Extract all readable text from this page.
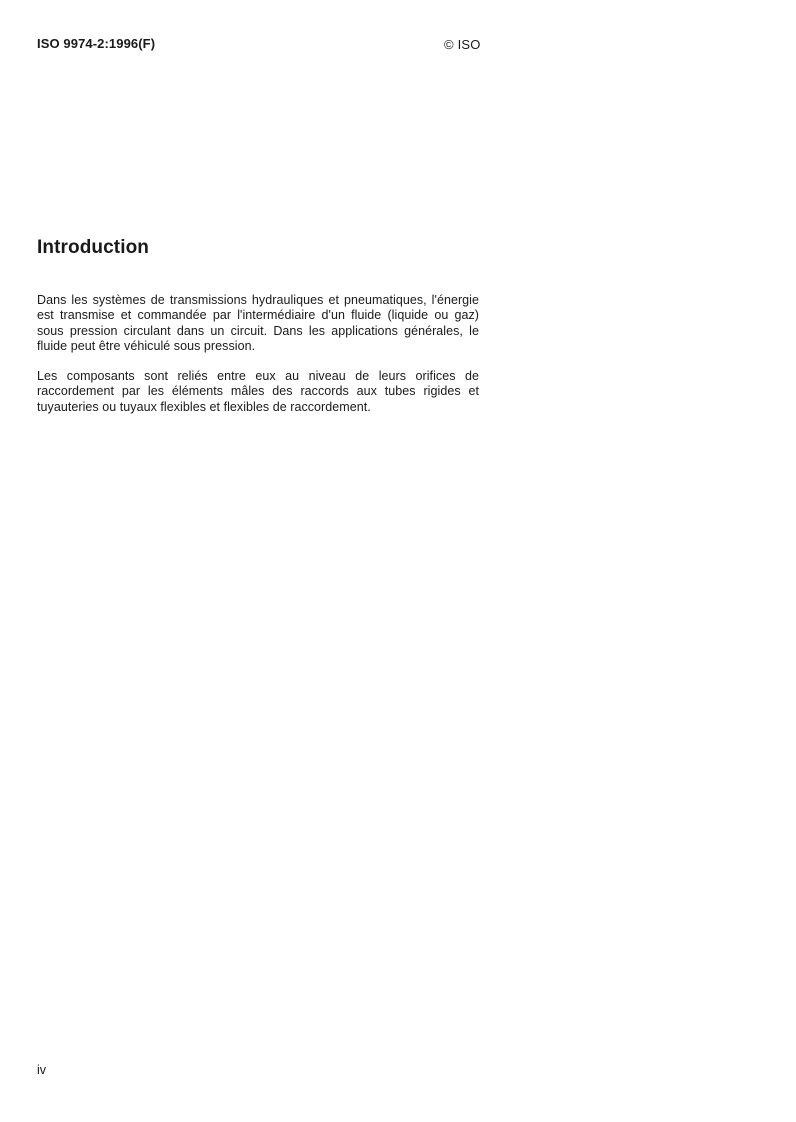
ISO 9974-2:1996(F)	© ISO
Introduction

Dans les systèmes de transmissions hydrauliques et pneumatiques, l'énergie est transmise et commandée par l'intermédiaire d'un fluide (liquide ou gaz) sous pression circulant dans un circuit. Dans les applications générales, le fluide peut être véhiculé sous pression.

Les composants sont reliés entre eux au niveau de leurs orifices de raccordement par les éléments mâles des raccords aux tubes rigides et tuyauteries ou tuyaux flexibles et flexibles de raccordement.

iv
